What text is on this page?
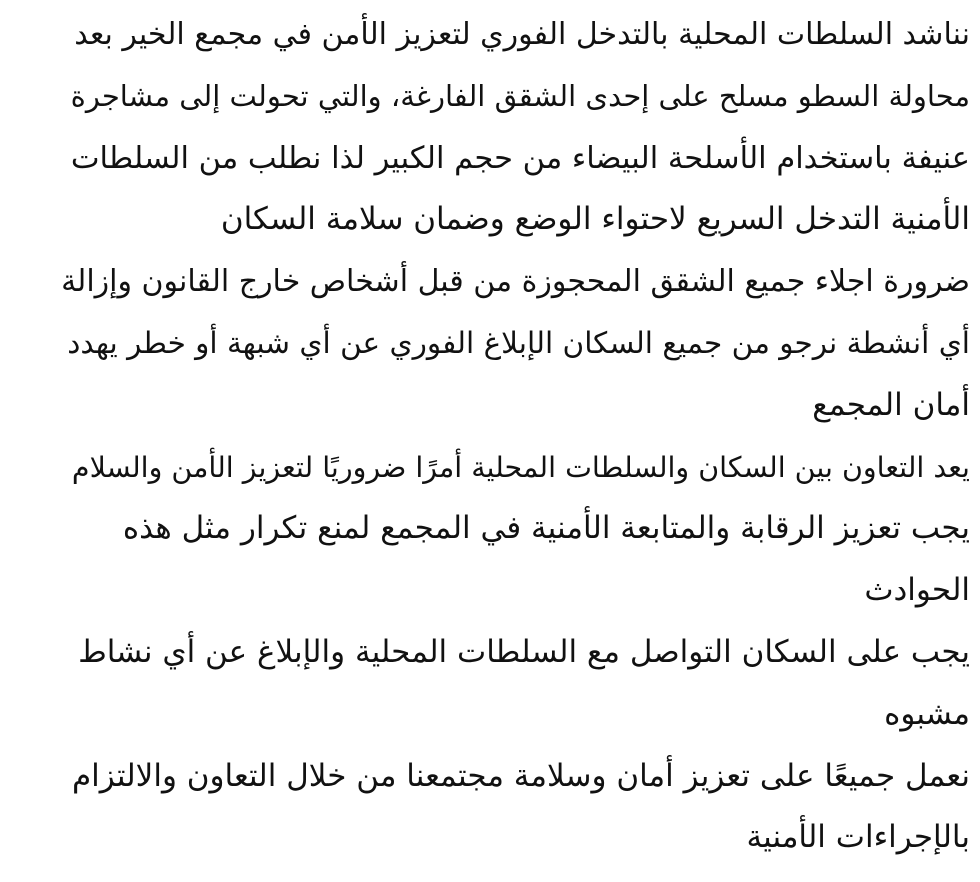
نناشد السلطات المحلية بالتدخل الفوري لتعزيز الأمن في مجمع الخير بعد

محاولة السطو مسلح على إحدى الشقق الفارغة، والتي تحولت إلى مشاجرة

عنيفة باستخدام الأسلحة البيضاء من حجم الكبير لذا نطلب من السلطات

الأمنية التدخل السريع لاحتواء الوضع وضمان سلامة السكان

ضرورة اجلاء جميع الشقق المحجوزة من قبل أشخاص خارج القانون وإزالة

أي أنشطة نرجو من جميع السكان الإبلاغ الفوري عن أي شبهة أو خطر يهدد

أمان المجمع

يعد التعاون بين السكان والسلطات المحلية أمرًا ضروريًا لتعزيز الأمن والسلام

يجب تعزيز الرقابة والمتابعة الأمنية في المجمع لمنع تكرار مثل هذه

الحوادث

يجب على السكان التواصل مع السلطات المحلية والإبلاغ عن أي نشاط

مشبوه

نعمل جميعًا على تعزيز أمان وسلامة مجتمعنا من خلال التعاون والالتزام

بالإجراءات الأمنية
